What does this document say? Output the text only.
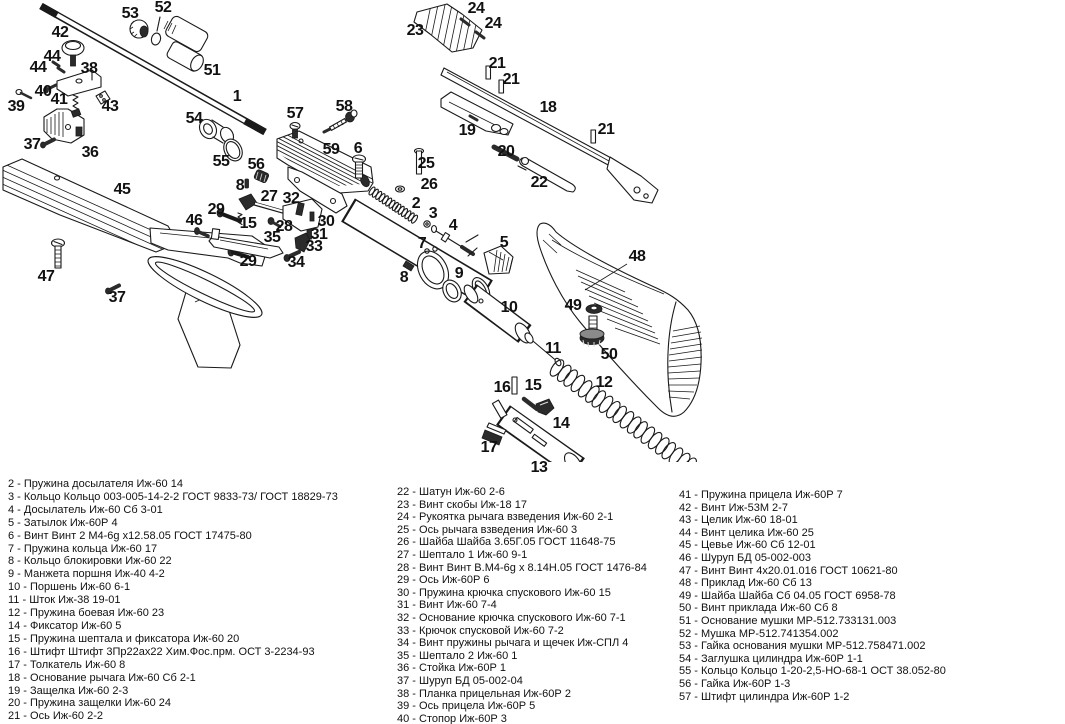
1
2
3
4
5
6
7
8
8	9
10
11
12
13
14
15
15
16
17
18
19
20
21
21
21
22
23
24
24
25
26
27
28
29
29
30
31
32
33
34
35
36
37
37
38
39
40 41
42
43
44
44
45
46
47
48
49
50
51
52
53
54
55 56
57 58
59
2 - Пружина досылателя Иж-60 14
3 - Кольцо Кольцо 003-005-14-2-2 ГОСТ 9833-73/ ГОСТ 18829-73
4 - Досылатель Иж-60 Сб 3-01
5 - Затылок Иж-60Р 4
6 - Винт Винт 2 М4-6g х12.58.05 ГОСТ 17475-80
7 - Пружина кольца Иж-60 17
8 - Кольцо блокировки Иж-60 22
9 - Манжета поршня Иж-40 4-2
10 - Поршень Иж-60 6-1
11 - Шток Иж-38 19-01
12 - Пружина боевая Иж-60 23
14 - Фиксатор Иж-60 5
15 - Пружина шептала и фиксатора Иж-60 20
16 - Штифт Штифт 3Пр22ах22 Хим.Фос.прм. ОСТ 3-2234-93
17 - Толкатель Иж-60 8
18 - Основание рычага Иж-60 Сб 2-1
19 - Защелка Иж-60 2-3
20 - Пружина защелки Иж-60 24
21 - Ось Иж-60 2-2
22 - Шатун Иж-60 2-6
23 - Винт скобы Иж-18 17
24 - Рукоятка рычага взведения Иж-60 2-1
25 - Ось рычага взведения Иж-60 3
26 - Шайба Шайба 3.65Г.05 ГОСТ 11648-75
27 - Шептало 1 Иж-60 9-1
28 - Винт Винт В.М4-6g х 8.14Н.05 ГОСТ 1476-84
29 - Ось Иж-60Р 6
30 - Пружина крючка спускового Иж-60 15
31 - Винт Иж-60 7-4
32 - Основание крючка спускового Иж-60 7-1
33 - Крючок спусковой Иж-60 7-2
34 - Винт пружины рычага и щечек Иж-СПЛ 4
35 - Шептало 2 Иж-60 1
36 - Стойка Иж-60Р 1
37 - Шуруп БД 05-002-04
38 - Планка прицельная Иж-60Р 2
39 - Ось прицела Иж-60Р 5
40 - Стопор Иж-60Р 3
41 - Пружина прицела Иж-60Р 7
42 - Винт Иж-53М 2-7
43 - Целик Иж-60 18-01
44 - Винт целика Иж-60 25
45 - Цевье Иж-60 Сб 12-01
46 - Шуруп БД 05-002-003
47 - Винт Винт 4х20.01.016 ГОСТ 10621-80
48 - Приклад Иж-60 Сб 13
49 - Шайба Шайба Сб 04.05 ГОСТ 6958-78
50 - Винт приклада Иж-60 Сб 8
51 - Основание мушки МР-512.733131.003
52 - Мушка МР-512.741354.002
53 - Гайка основания мушки МР-512.758471.002
54 - Заглушка цилиндра Иж-60Р 1-1
55 - Кольцо Кольцо 1-20-2,5-НО-68-1 ОСТ 38.052-80
56 - Гайка Иж-60Р 1-3
57 - Штифт цилиндра Иж-60Р 1-2
